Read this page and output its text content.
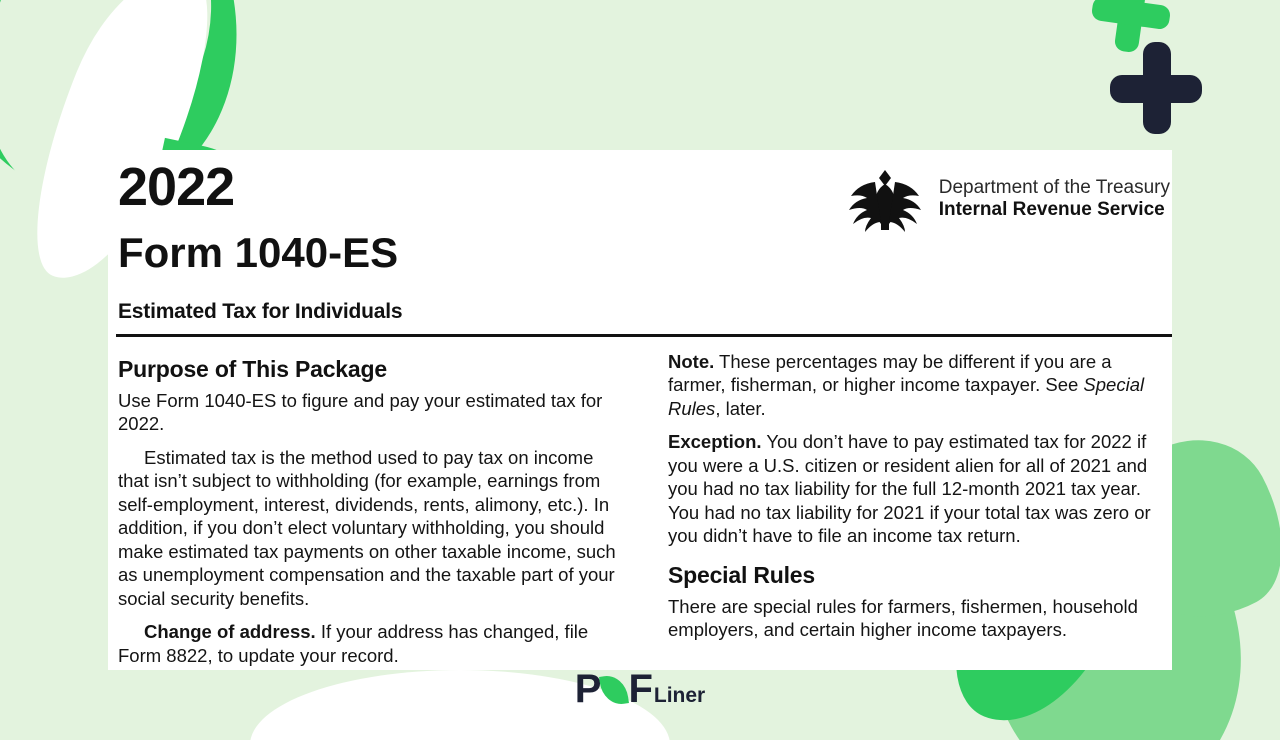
2022
Form 1040-ES
Estimated Tax for Individuals
Department of the Treasury
Internal Revenue Service
Purpose of This Package

Use Form 1040-ES to figure and pay your estimated tax for 2022.

Estimated tax is the method used to pay tax on income that isn’t subject to withholding (for example, earnings from self-employment, interest, dividends, rents, alimony, etc.). In addition, if you don’t elect voluntary withholding, you should make estimated tax payments on other taxable income, such as unemployment compensation and the taxable part of your social security benefits.

Change of address. If your address has changed, file Form 8822, to update your record.

Note. These percentages may be different if you are a farmer, fisherman, or higher income taxpayer. See Special Rules, later.

Exception. You don’t have to pay estimated tax for 2022 if you were a U.S. citizen or resident alien for all of 2021 and you had no tax liability for the full 12-month 2021 tax year. You had no tax liability for 2021 if your total tax was zero or you didn’t have to file an income tax return.

Special Rules

There are special rules for farmers, fishermen, household employers, and certain higher income taxpayers.

P F Liner
